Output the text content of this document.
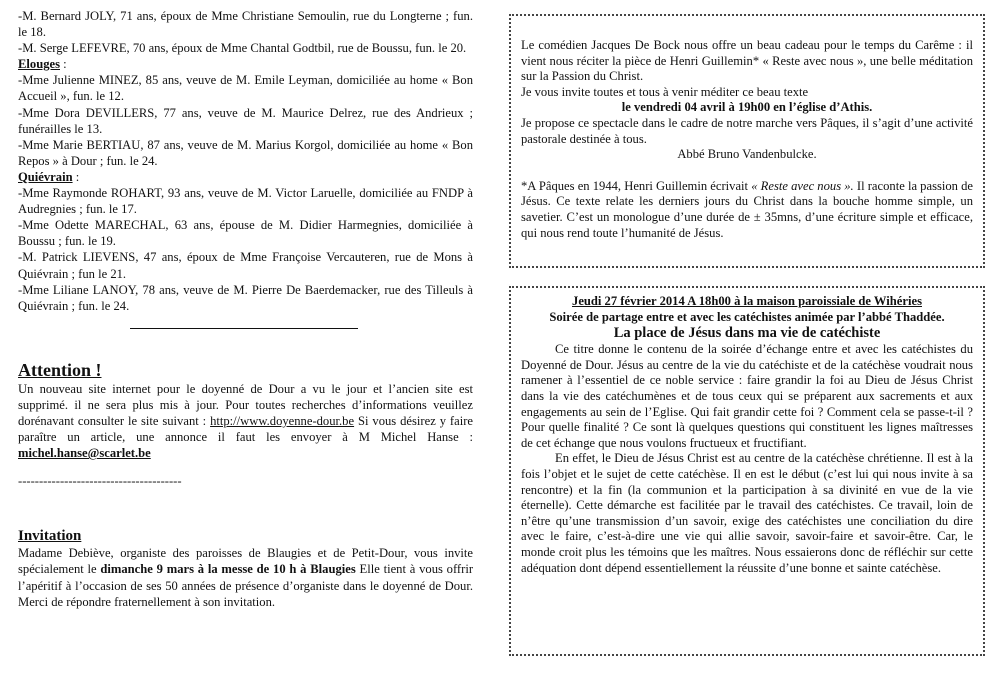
-M. Bernard JOLY, 71 ans, époux de Mme Christiane Semoulin, rue du Longterne ; fun. le 18.

-M. Serge LEFEVRE, 70 ans, époux de Mme Chantal Godtbil, rue de Boussu, fun. le 20.

Elouges :

-Mme Julienne MINEZ, 85 ans, veuve de M. Emile Leyman, domiciliée au home « Bon Accueil », fun. le 12.

-Mme Dora DEVILLERS, 77 ans, veuve de M. Maurice Delrez, rue des Andrieux ; funérailles le 13.

-Mme Marie BERTIAU, 87 ans, veuve de M. Marius Korgol, domiciliée au home « Bon Repos » à Dour ; fun. le 24.

Quiévrain :

-Mme Raymonde ROHART, 93 ans, veuve de M. Victor Laruelle, domiciliée au FNDP à Audregnies ; fun. le 17.

-Mme Odette MARECHAL, 63 ans, épouse de M. Didier Harmegnies, domiciliée à Boussu ; fun. le 19.

-M. Patrick LIEVENS, 47 ans, époux de Mme Françoise Vercauteren, rue de Mons à Quiévrain ; fun le 21.

-Mme Liliane LANOY, 78 ans, veuve de M. Pierre De Baerdemacker, rue des Tilleuls à Quiévrain ; fun. le 24.

Attention !

Un nouveau site internet pour le doyenné de Dour a vu le jour et l’ancien site est supprimé. il ne sera plus mis à jour. Pour toutes recherches d’informations veuillez dorénavant consulter le site suivant : http://www.doyenne-dour.be Si vous désirez y faire paraître un article, une annonce il faut les envoyer à M Michel Hanse : michel.hanse@scarlet.be

---------------------------------------

Invitation

Madame Debiève, organiste des paroisses de Blaugies et de Petit-Dour, vous invite spécialement le dimanche 9 mars à la messe de 10 h à Blaugies Elle tient à vous offrir l’apéritif à l’occasion de ses 50 années de présence d’organiste dans le doyenné de Dour. Merci de répondre fraternellement à son invitation.

Le comédien Jacques De Bock nous offre un beau cadeau pour le temps du Carême : il vient nous réciter la pièce de Henri Guillemin* « Reste avec nous », une belle méditation sur la Passion du Christ.

Je vous invite toutes et tous à venir méditer ce beau texte

le vendredi 04 avril à 19h00 en l’église d’Athis.

Je propose ce spectacle dans le cadre de notre marche vers Pâques, il s’agit d’une activité pastorale destinée à tous.

Abbé Bruno Vandenbulcke.

*A Pâques en 1944, Henri Guillemin écrivait « Reste avec nous ». Il raconte la passion de Jésus. Ce texte relate les derniers jours du Christ dans la bouche homme simple, un savetier. C’est un monologue d’une durée de ± 35mns, d’une écriture simple et efficace, qui nous rend toute l’humanité de Jésus.

Jeudi 27 février 2014 A 18h00 à la maison paroissiale de Wihéries

Soirée de partage entre et avec les catéchistes animée par l’abbé Thaddée.

La place de Jésus dans ma vie de catéchiste

Ce titre donne le contenu de la soirée d’échange entre et avec les catéchistes du Doyenné de Dour. Jésus au centre de la vie du catéchiste et de la catéchèse voudrait nous ramener à l’essentiel de ce noble service : faire grandir la foi au Dieu de Jésus Christ dans la vie des catéchumènes et de tous ceux qui se préparent aux sacrements et aux engagements au sein de l’Eglise. Qui fait grandir cette foi ? Comment cela se passe-t-il ? Pour quelle finalité ? Ce sont là quelques questions qui constituent les lignes maîtresses de cet échange que nous voulons fructueux et fructifiant.

En effet, le Dieu de Jésus Christ est au centre de la catéchèse chrétienne. Il est à la fois l’objet et le sujet de cette catéchèse. Il en est le début (c’est lui qui nous invite à sa rencontre) et la fin (la communion et la participation à sa divinité en vue de la vie éternelle). Cette démarche est facilitée par le travail des catéchistes. Ce travail, loin de n’être qu’une transmission d’un savoir, exige des catéchistes une conciliation du dire avec le faire, c’est-à-dire une vie qui allie savoir, savoir-faire et savoir-être. Car, le monde croit plus les témoins que les maîtres. Nous essaierons donc de réfléchir sur cette adéquation dont dépend essentiellement la réussite d’une bonne et sainte catéchèse.
